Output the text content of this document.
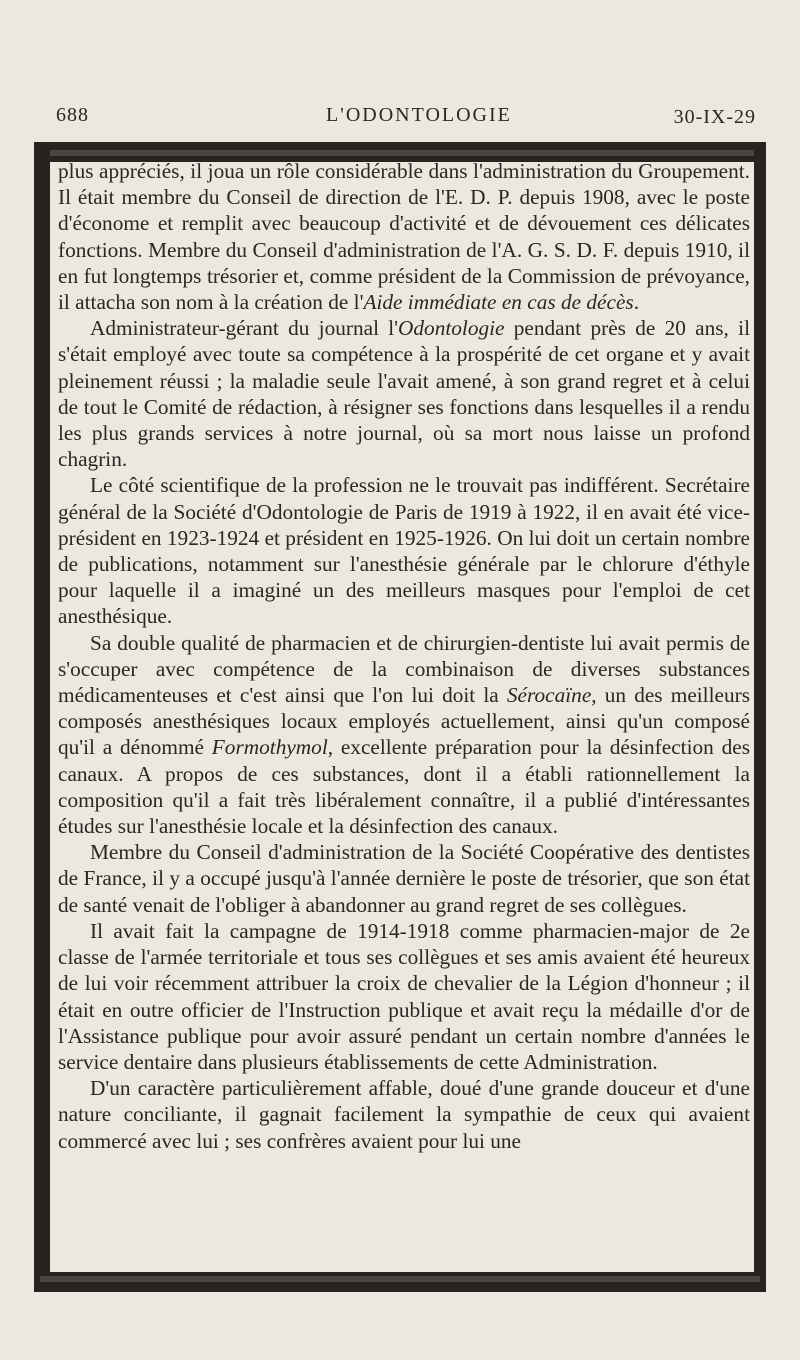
688	L'ODONTOLOGIE	30-IX-29

plus appréciés, il joua un rôle considérable dans l'administration du Groupement. Il était membre du Conseil de direction de l'E. D. P. depuis 1908, avec le poste d'économe et remplit avec beaucoup d'activité et de dévouement ces délicates fonctions. Membre du Conseil d'administration de l'A. G. S. D. F. depuis 1910, il en fut longtemps trésorier et, comme président de la Commission de prévoyance, il attacha son nom à la création de l'Aide immédiate en cas de décès.

Administrateur-gérant du journal l'Odontologie pendant près de 20 ans, il s'était employé avec toute sa compétence à la prospérité de cet organe et y avait pleinement réussi ; la maladie seule l'avait amené, à son grand regret et à celui de tout le Comité de rédaction, à résigner ses fonctions dans lesquelles il a rendu les plus grands services à notre journal, où sa mort nous laisse un profond chagrin.

Le côté scientifique de la profession ne le trouvait pas indifférent. Secrétaire général de la Société d'Odontologie de Paris de 1919 à 1922, il en avait été vice-président en 1923-1924 et président en 1925-1926. On lui doit un certain nombre de publications, notamment sur l'anesthésie générale par le chlorure d'éthyle pour laquelle il a imaginé un des meilleurs masques pour l'emploi de cet anesthésique.

Sa double qualité de pharmacien et de chirurgien-dentiste lui avait permis de s'occuper avec compétence de la combinaison de diverses substances médicamenteuses et c'est ainsi que l'on lui doit la Sérocaïne, un des meilleurs composés anesthésiques locaux employés actuellement, ainsi qu'un composé qu'il a dénommé Formothymol, excellente préparation pour la désinfection des canaux. A propos de ces substances, dont il a établi rationnellement la composition qu'il a fait très libéralement connaître, il a publié d'intéressantes études sur l'anesthésie locale et la désinfection des canaux.

Membre du Conseil d'administration de la Société Coopérative des dentistes de France, il y a occupé jusqu'à l'année dernière le poste de trésorier, que son état de santé venait de l'obliger à abandonner au grand regret de ses collègues.

Il avait fait la campagne de 1914-1918 comme pharmacien-major de 2e classe de l'armée territoriale et tous ses collègues et ses amis avaient été heureux de lui voir récemment attribuer la croix de chevalier de la Légion d'honneur ; il était en outre officier de l'Instruction publique et avait reçu la médaille d'or de l'Assistance publique pour avoir assuré pendant un certain nombre d'années le service dentaire dans plusieurs établissements de cette Administration.

D'un caractère particulièrement affable, doué d'une grande douceur et d'une nature conciliante, il gagnait facilement la sympathie de ceux qui avaient commercé avec lui ; ses confrères avaient pour lui une
